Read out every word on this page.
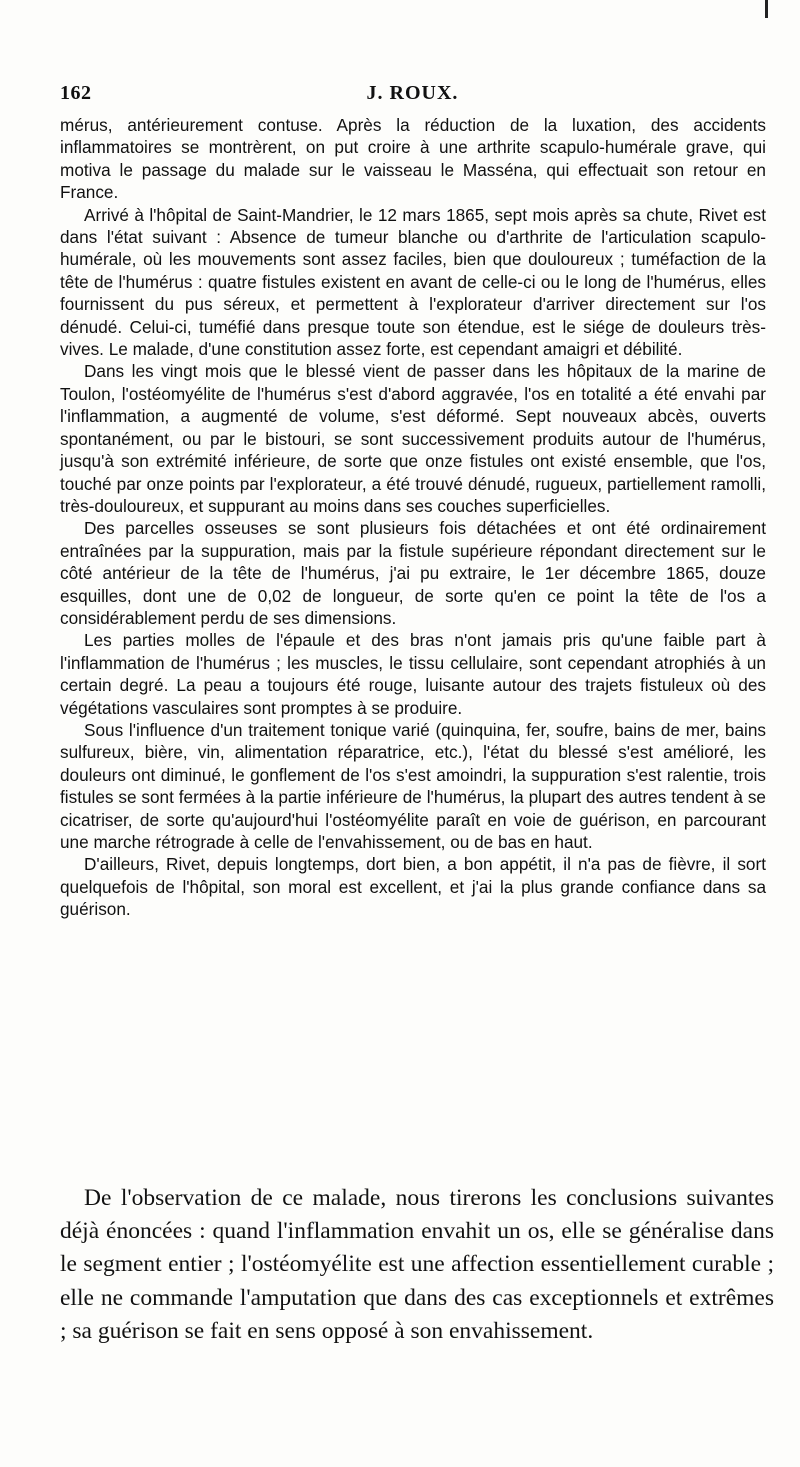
162	J. ROUX.

mérus, antérieurement contuse. Après la réduction de la luxation, des accidents inflammatoires se montrèrent, on put croire à une arthrite scapulo-humérale grave, qui motiva le passage du malade sur le vaisseau le Masséna, qui effectuait son retour en France.

Arrivé à l'hôpital de Saint-Mandrier, le 12 mars 1865, sept mois après sa chute, Rivet est dans l'état suivant : Absence de tumeur blanche ou d'arthrite de l'articulation scapulo-humérale, où les mouvements sont assez faciles, bien que douloureux ; tuméfaction de la tête de l'humérus : quatre fistules existent en avant de celle-ci ou le long de l'humérus, elles fournissent du pus séreux, et permettent à l'explorateur d'arriver directement sur l'os dénudé. Celui-ci, tuméfié dans presque toute son étendue, est le siége de douleurs très-vives. Le malade, d'une constitution assez forte, est cependant amaigri et débilité.

Dans les vingt mois que le blessé vient de passer dans les hôpitaux de la marine de Toulon, l'ostéomyélite de l'humérus s'est d'abord aggravée, l'os en totalité a été envahi par l'inflammation, a augmenté de volume, s'est déformé. Sept nouveaux abcès, ouverts spontanément, ou par le bistouri, se sont successivement produits autour de l'humérus, jusqu'à son extrémité inférieure, de sorte que onze fistules ont existé ensemble, que l'os, touché par onze points par l'explorateur, a été trouvé dénudé, rugueux, partiellement ramolli, très-douloureux, et suppurant au moins dans ses couches superficielles.

Des parcelles osseuses se sont plusieurs fois détachées et ont été ordinairement entraînées par la suppuration, mais par la fistule supérieure répondant directement sur le côté antérieur de la tête de l'humérus, j'ai pu extraire, le 1er décembre 1865, douze esquilles, dont une de 0,02 de longueur, de sorte qu'en ce point la tête de l'os a considérablement perdu de ses dimensions.

Les parties molles de l'épaule et des bras n'ont jamais pris qu'une faible part à l'inflammation de l'humérus ; les muscles, le tissu cellulaire, sont cependant atrophiés à un certain degré. La peau a toujours été rouge, luisante autour des trajets fistuleux où des végétations vasculaires sont promptes à se produire.

Sous l'influence d'un traitement tonique varié (quinquina, fer, soufre, bains de mer, bains sulfureux, bière, vin, alimentation réparatrice, etc.), l'état du blessé s'est amélioré, les douleurs ont diminué, le gonflement de l'os s'est amoindri, la suppuration s'est ralentie, trois fistules se sont fermées à la partie inférieure de l'humérus, la plupart des autres tendent à se cicatriser, de sorte qu'aujourd'hui l'ostéomyélite paraît en voie de guérison, en parcourant une marche rétrograde à celle de l'envahissement, ou de bas en haut.

D'ailleurs, Rivet, depuis longtemps, dort bien, a bon appétit, il n'a pas de fièvre, il sort quelquefois de l'hôpital, son moral est excellent, et j'ai la plus grande confiance dans sa guérison.

De l'observation de ce malade, nous tirerons les conclusions suivantes déjà énoncées : quand l'inflammation envahit un os, elle se généralise dans le segment entier ; l'ostéomyélite est une affection essentiellement curable ; elle ne commande l'amputation que dans des cas exceptionnels et extrêmes ; sa guérison se fait en sens opposé à son envahissement.
